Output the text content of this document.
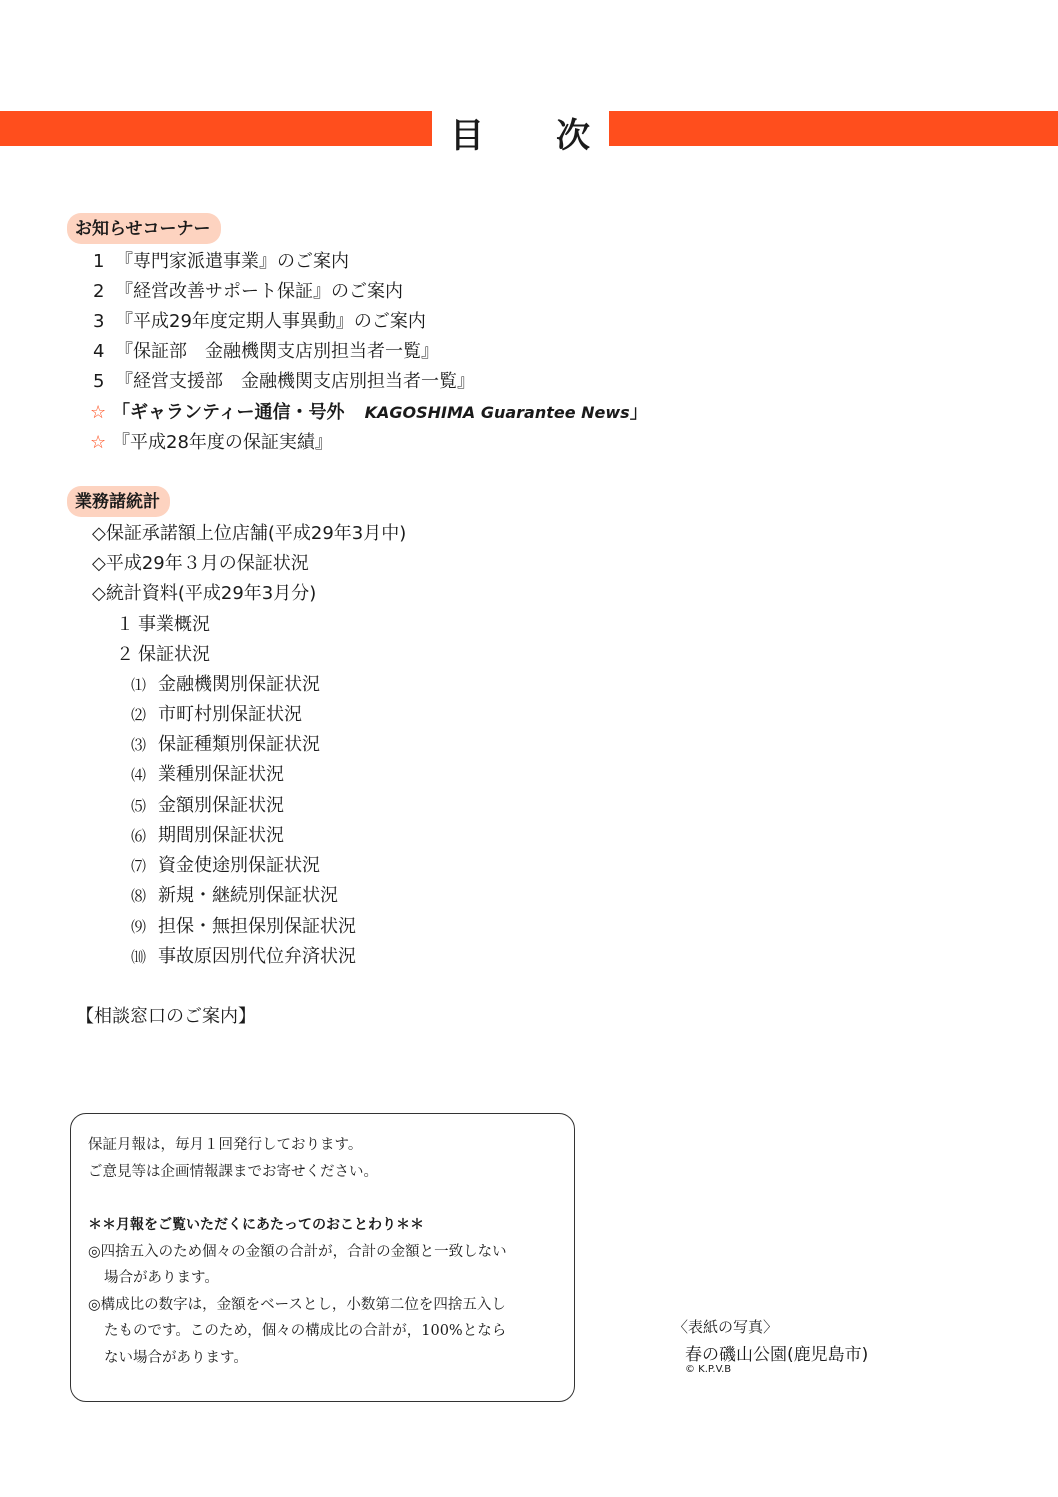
目 次
お知らせコーナー
1 『専門家派遣事業』のご案内
2 『経営改善サポート保証』のご案内
3 『平成29年度定期人事異動』のご案内
4 『保証部　金融機関支店別担当者一覧』
5 『経営支援部　金融機関支店別担当者一覧』
☆ 「ギャランティー通信・号外 KAGOSHIMA Guarantee News」
☆ 『平成28年度の保証実績』
業務諸統計
◇保証承諾額上位店舗(平成29年3月中)
◇平成29年３月の保証状況
◇統計資料(平成29年3月分)
１ 事業概況
２ 保証状況
⑴ 金融機関別保証状況
⑵ 市町村別保証状況
⑶ 保証種類別保証状況
⑷ 業種別保証状況
⑸ 金額別保証状況
⑹ 期間別保証状況
⑺ 資金使途別保証状況
⑻ 新規・継続別保証状況
⑼ 担保・無担保別保証状況
⑽ 事故原因別代位弁済状況
【相談窓口のご案内】
保証月報は，毎月１回発行しております。
ご意見等は企画情報課までお寄せください。
＊＊月報をご覧いただくにあたってのおことわり＊＊
◎四捨五入のため個々の金額の合計が，合計の金額と一致しない
場合があります。
◎構成比の数字は，金額をベースとし，小数第二位を四捨五入し
たものです。このため，個々の構成比の合計が，100%となら
ない場合があります。
〈表紙の写真〉
春の磯山公園(鹿児島市)
© K.P.V.B
